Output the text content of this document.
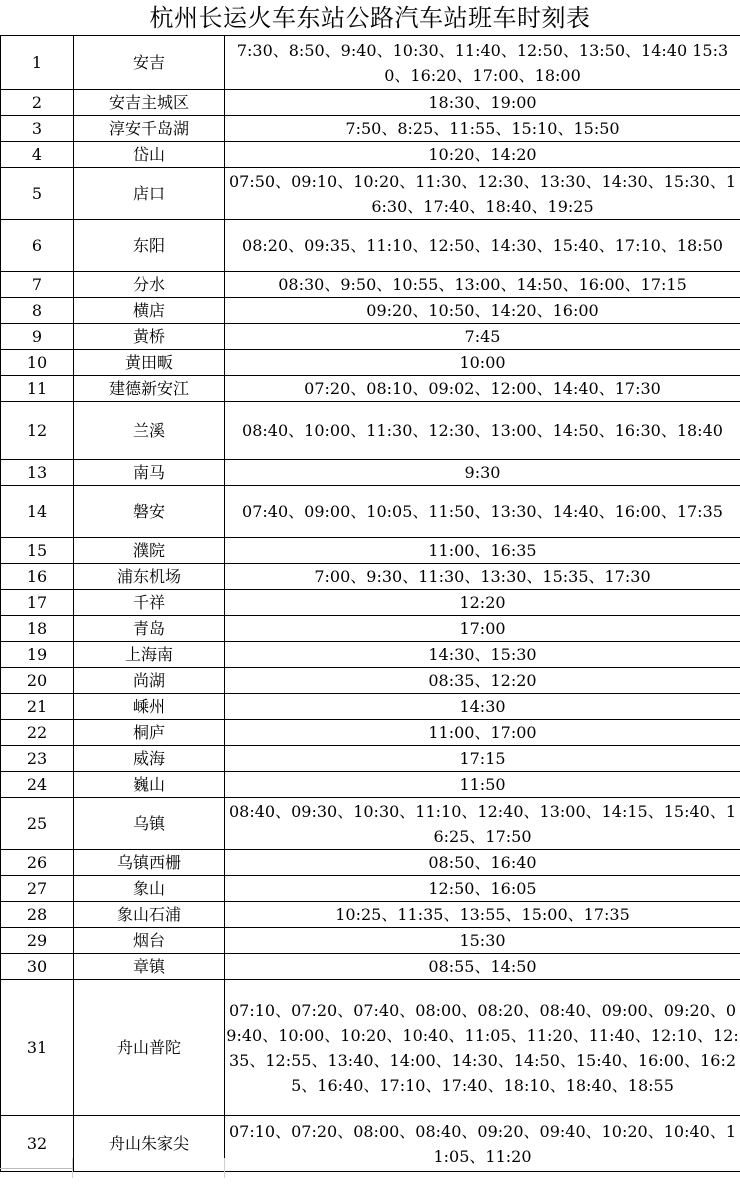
杭州长运火车东站公路汽车站班车时刻表
1	安吉	7:30、8:50、9:40、10:30、11:40、12:50、13:50、14:40 15:30、16:20、17:00、18:00
2	安吉主城区	18:30、19:00
3	淳安千岛湖	7:50、8:25、11:55、15:10、15:50
4	岱山	10:20、14:20
5	店口	07:50、09:10、10:20、11:30、12:30、13:30、14:30、15:30、16:30、17:40、18:40、19:25
6	东阳	08:20、09:35、11:10、12:50、14:30、15:40、17:10、18:50
7	分水	08:30、9:50、10:55、13:00、14:50、16:00、17:15
8	横店	09:20、10:50、14:20、16:00
9	黄桥	7:45
10	黄田畈	10:00
11	建德新安江	07:20、08:10、09:02、12:00、14:40、17:30
12	兰溪	08:40、10:00、11:30、12:30、13:00、14:50、16:30、18:40
13	南马	9:30
14	磐安	07:40、09:00、10:05、11:50、13:30、14:40、16:00、17:35
15	濮院	11:00、16:35
16	浦东机场	7:00、9:30、11:30、13:30、15:35、17:30
17	千祥	12:20
18	青岛	17:00
19	上海南	14:30、15:30
20	尚湖	08:35、12:20
21	嵊州	14:30
22	桐庐	11:00、17:00
23	威海	17:15
24	巍山	11:50
25	乌镇	08:40、09:30、10:30、11:10、12:40、13:00、14:15、15:40、16:25、17:50
26	乌镇西栅	08:50、16:40
27	象山	12:50、16:05
28	象山石浦	10:25、11:35、13:55、15:00、17:35
29	烟台	15:30
30	章镇	08:55、14:50
31	舟山普陀	07:10、07:20、07:40、08:00、08:20、08:40、09:00、09:20、09:40、10:00、10:20、10:40、11:05、11:20、11:40、12:10、12:35、12:55、13:40、14:00、14:30、14:50、15:40、16:00、16:25、16:40、17:10、17:40、18:10、18:40、18:55
32	舟山朱家尖	07:10、07:20、08:00、08:40、09:20、09:40、10:20、10:40、11:05、11:20
